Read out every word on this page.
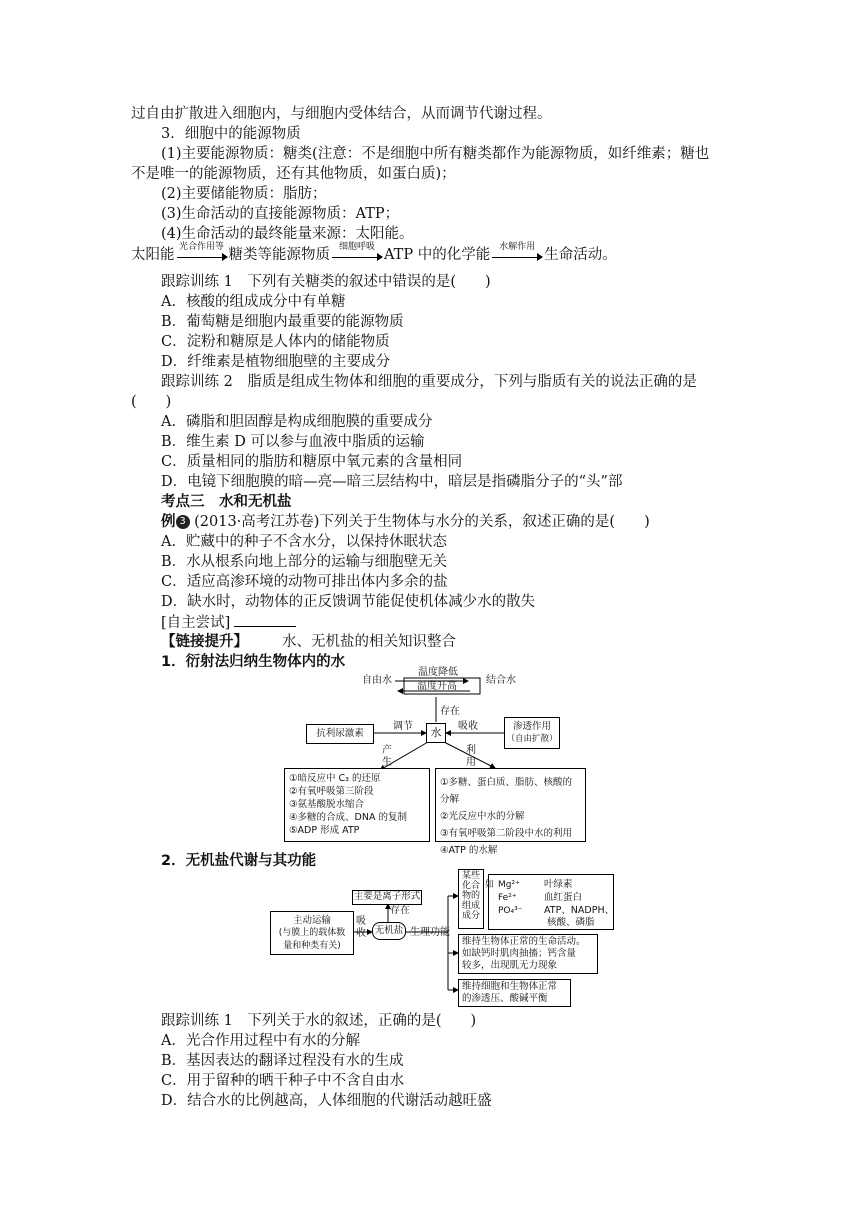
过自由扩散进入细胞内，与细胞内受体结合，从而调节代谢过程。
3．细胞中的能源物质
(1)主要能源物质：糖类(注意：不是细胞中所有糖类都作为能源物质，如纤维素；糖也
不是唯一的能源物质，还有其他物质，如蛋白质)；
(2)主要储能物质：脂肪；
(3)生命活动的直接能源物质：ATP；
(4)生命活动的最终能量来源：太阳能。
太阳能 光合作用等 糖类等能源物质 细胞呼吸 ATP 中的化学能 水解作用 生命活动。
跟踪训练 1　下列有关糖类的叙述中错误的是(　　)
A．核酸的组成成分中有单糖
B．葡萄糖是细胞内最重要的能源物质
C．淀粉和糖原是人体内的储能物质
D．纤维素是植物细胞壁的主要成分
跟踪训练 2　脂质是组成生物体和细胞的重要成分，下列与脂质有关的说法正确的是
(　　)
A．磷脂和胆固醇是构成细胞膜的重要成分
B．维生素 D 可以参与血液中脂质的运输
C．质量相同的脂肪和糖原中氧元素的含量相同
D．电镜下细胞膜的暗—亮—暗三层结构中，暗层是指磷脂分子的“头”部
考点三　水和无机盐
例 3 (2013·高考江苏卷)下列关于生物体与水分的关系，叙述正确的是(　　)
A．贮藏中的种子不含水分，以保持休眠状态
B．水从根系向地上部分的运输与细胞壁无关
C．适应高渗环境的动物可排出体内多余的盐
D．缺水时，动物体的正反馈调节能促使机体减少水的散失
[自主尝试]
【链接提升】 水、无机盐的相关知识整合
1．衍射法归纳生物体内的水
自由水	结合水
温度降低
温度升高
存在
水
调节	吸收
抗利尿激素
渗透作用
（自由扩散）
产生
利用
①暗反应中 C₃ 的还原
②有氧呼吸第三阶段
③氨基酸脱水缩合
④多糖的合成、DNA 的复制
⑤ADP 形成 ATP
①多糖、蛋白质、脂肪、核酸的分解
②光反应中水的分解
③有氧呼吸第二阶段中水的利用
④ATP 的水解
2．无机盐代谢与其功能
主要是离子形式
存在
主动运输
(与膜上的载体数
量和种类有关)
吸收 无机盐 生理功能
某些化合物的组成成分
如 Mg²⁺	叶绿素
Fe²⁺	血红蛋白
PO₄³⁻ ATP、NADPH、
核酸、磷脂
维持生物体正常的生命活动。
如缺钙时肌肉抽搐；钙含量
较多，出现肌无力现象
维持细胞和生物体正常
的渗透压、酸碱平衡
跟踪训练 1　下列关于水的叙述，正确的是(　　)
A．光合作用过程中有水的分解
B．基因表达的翻译过程没有水的生成
C．用于留种的晒干种子中不含自由水
D．结合水的比例越高，人体细胞的代谢活动越旺盛
